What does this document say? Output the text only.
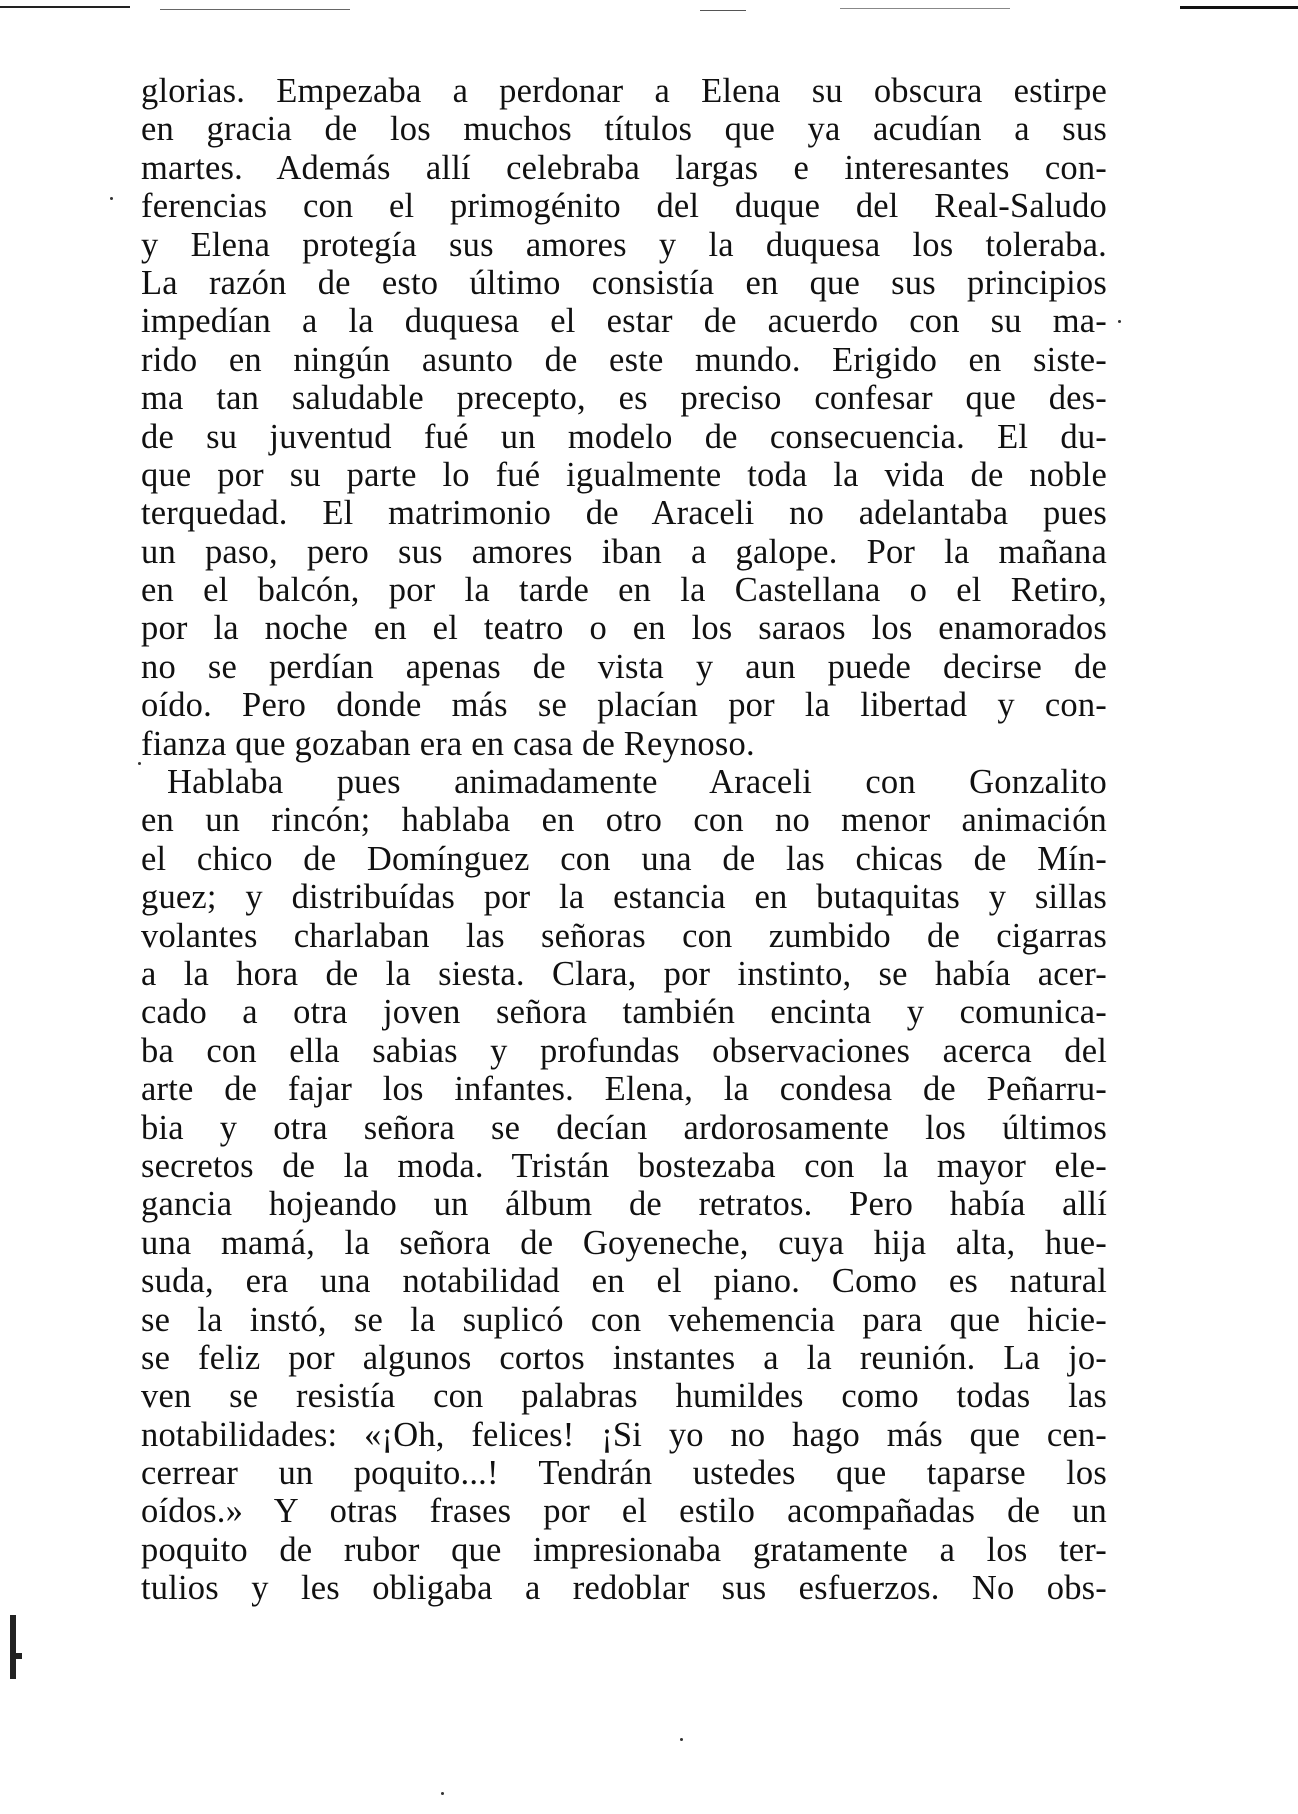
glorias. Empezaba a perdonar a Elena su obscura estirpe
en gracia de los muchos títulos que ya acudían a sus
martes. Además allí celebraba largas e interesantes con-
ferencias con el primogénito del duque del Real-Saludo
y Elena protegía sus amores y la duquesa los toleraba.
La razón de esto último consistía en que sus principios
impedían a la duquesa el estar de acuerdo con su ma-
rido en ningún asunto de este mundo. Erigido en siste-
ma tan saludable precepto, es preciso confesar que des-
de su juventud fué un modelo de consecuencia. El du-
que por su parte lo fué igualmente toda la vida de noble
terquedad. El matrimonio de Araceli no adelantaba pues
un paso, pero sus amores iban a galope. Por la mañana
en el balcón, por la tarde en la Castellana o el Retiro,
por la noche en el teatro o en los saraos los enamorados
no se perdían apenas de vista y aun puede decirse de
oído. Pero donde más se placían por la libertad y con-
fianza que gozaban era en casa de Reynoso.
Hablaba pues animadamente Araceli con Gonzalito
en un rincón; hablaba en otro con no menor animación
el chico de Domínguez con una de las chicas de Mín-
guez; y distribuídas por la estancia en butaquitas y sillas
volantes charlaban las señoras con zumbido de cigarras
a la hora de la siesta. Clara, por instinto, se había acer-
cado a otra joven señora también encinta y comunica-
ba con ella sabias y profundas observaciones acerca del
arte de fajar los infantes. Elena, la condesa de Peñarru-
bia y otra señora se decían ardorosamente los últimos
secretos de la moda. Tristán bostezaba con la mayor ele-
gancia hojeando un álbum de retratos. Pero había allí
una mamá, la señora de Goyeneche, cuya hija alta, hue-
suda, era una notabilidad en el piano. Como es natural
se la instó, se la suplicó con vehemencia para que hicie-
se feliz por algunos cortos instantes a la reunión. La jo-
ven se resistía con palabras humildes como todas las
notabilidades: «¡Oh, felices! ¡Si yo no hago más que cen-
cerrear un poquito...! Tendrán ustedes que taparse los
oídos.» Y otras frases por el estilo acompañadas de un
poquito de rubor que impresionaba gratamente a los ter-
tulios y les obligaba a redoblar sus esfuerzos. No obs-
